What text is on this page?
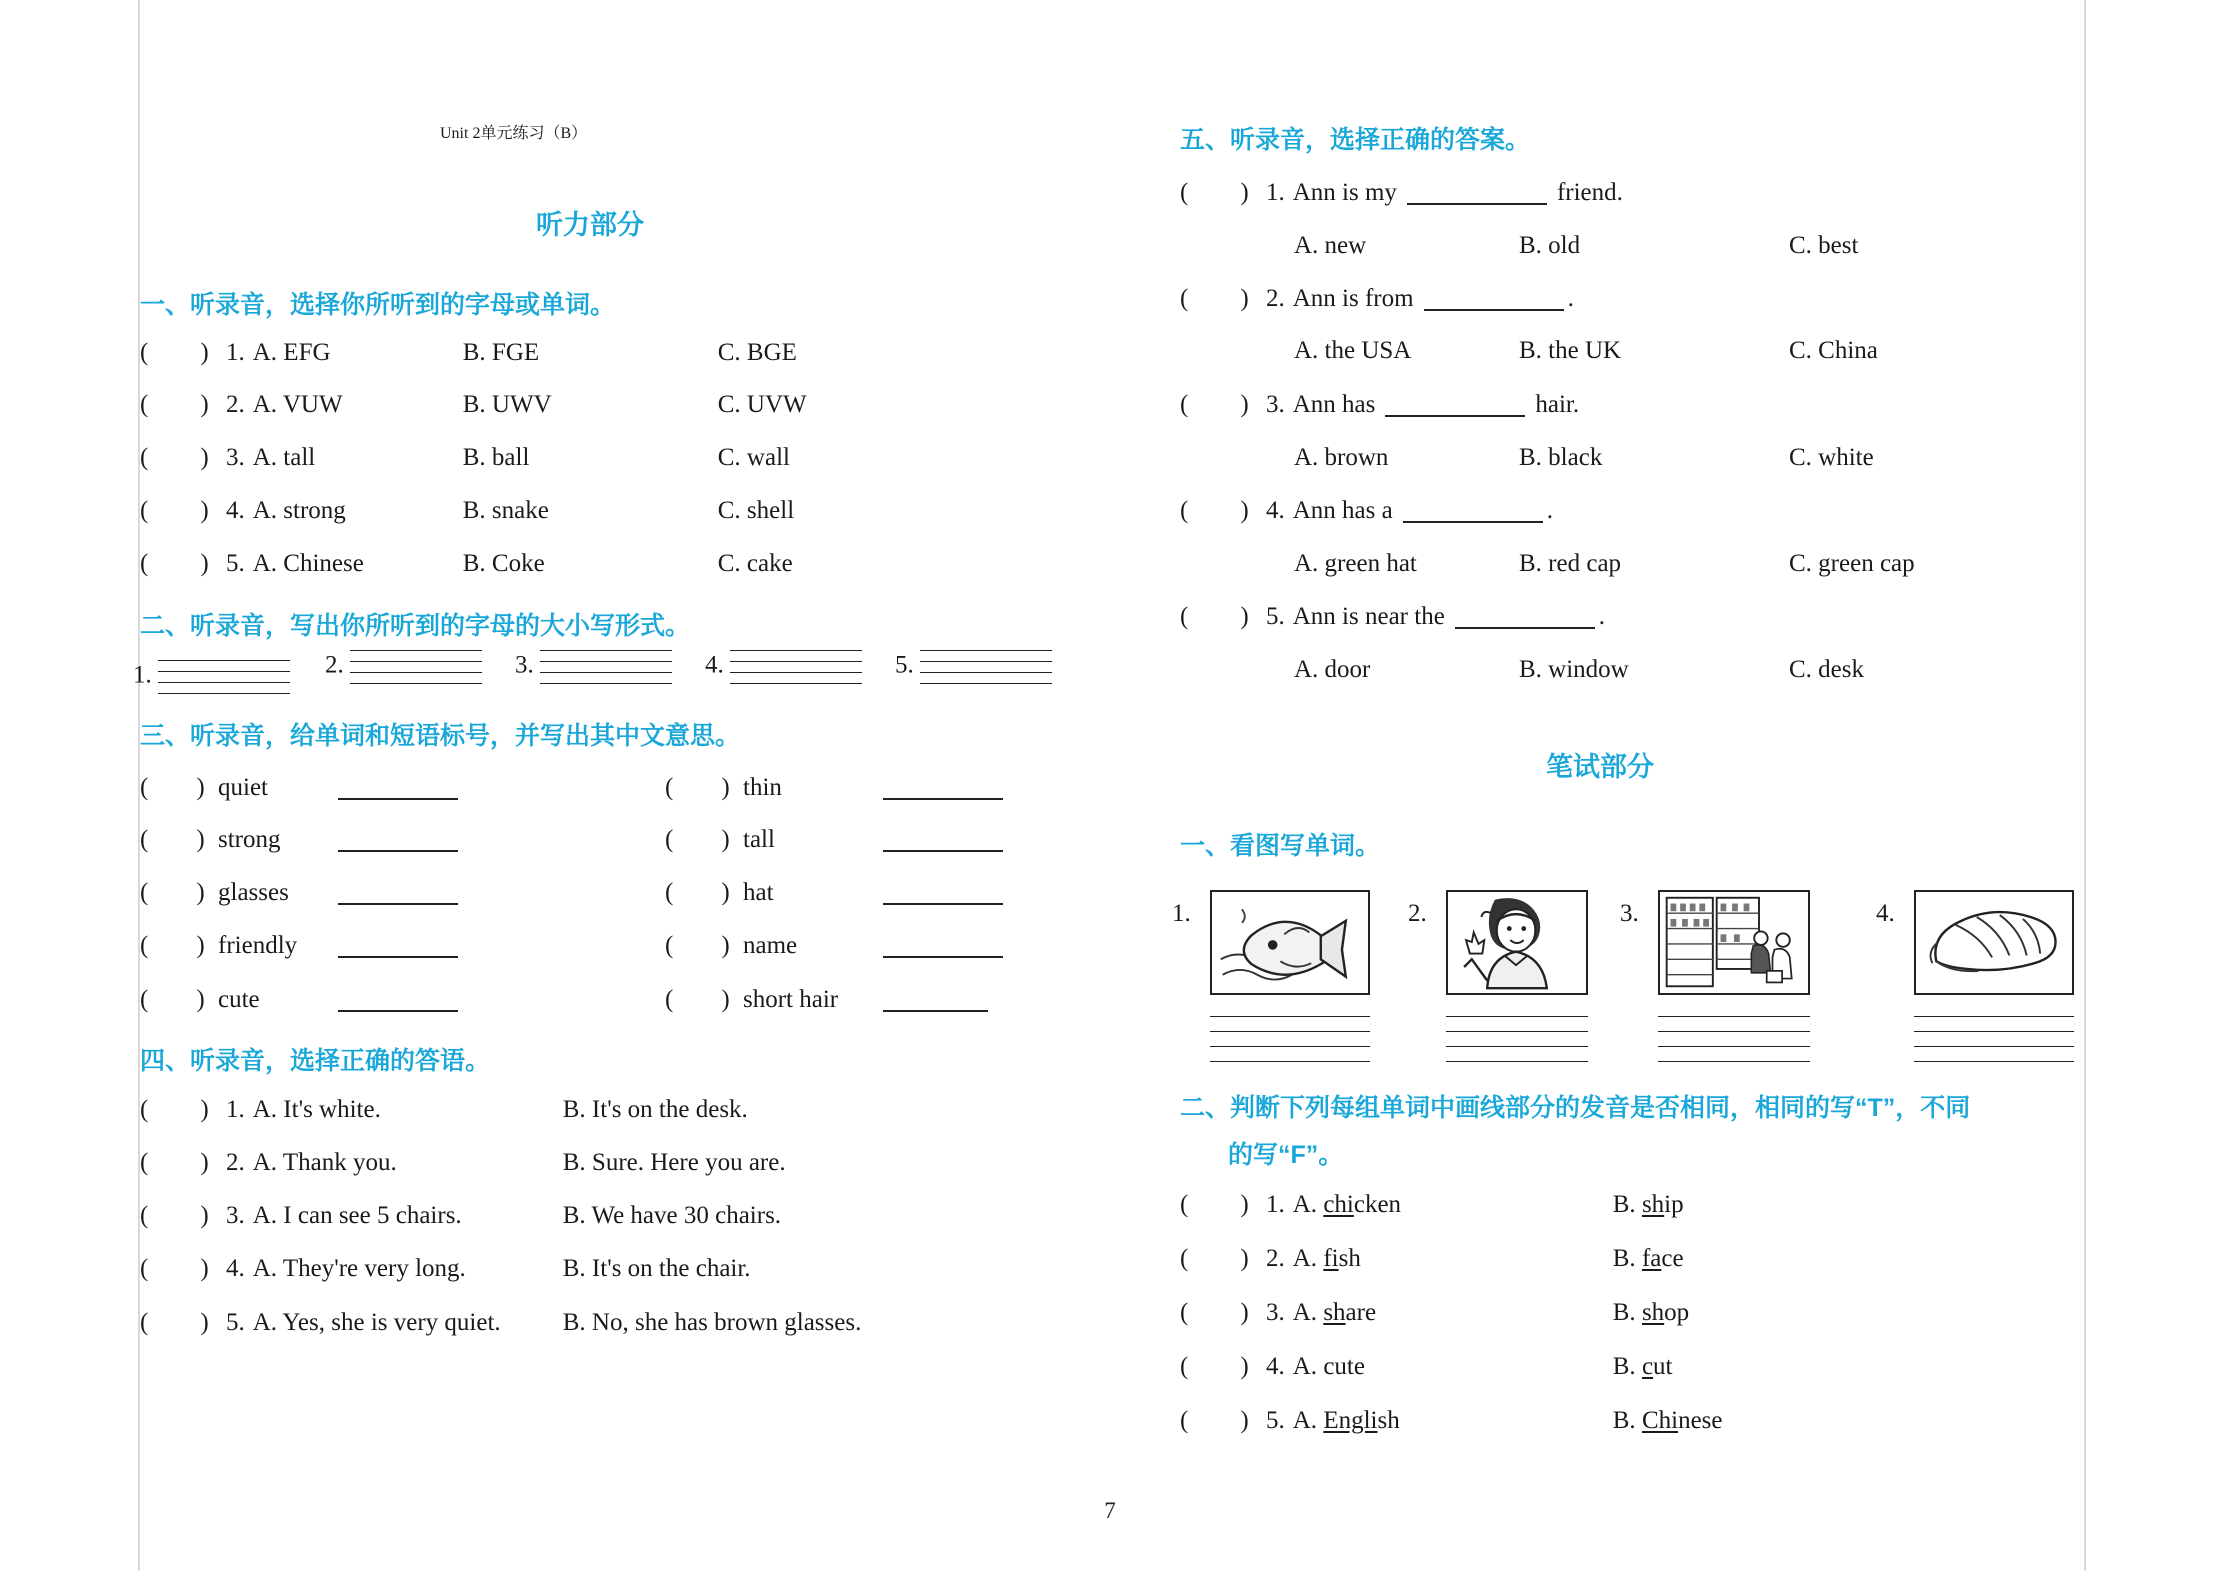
Unit 2单元练习（B）
听力部分
一、听录音，选择你所听到的字母或单词。
( ) 1. A. EFG	B. FGE	C. BGE
( ) 2. A. VUW	B. UWV	C. UVW
( ) 3. A. tall	B. ball	C. wall
( ) 4. A. strong	B. snake	C. shell
( ) 5. A. Chinese	B. Coke	C. cake
二、听录音，写出你所听到的字母的大小写形式。
1.	2.	3.	4.	5.
三、听录音，给单词和短语标号，并写出其中文意思。
( ) quiet
( ) strong
( ) glasses
( ) friendly
( ) cute
( ) thin
( ) tall
( ) hat
( ) name
( ) short hair
四、听录音，选择正确的答语。
( ) 1. A. It's white.	B. It's on the desk.
( ) 2. A. Thank you.	B. Sure. Here you are.
( ) 3. A. I can see 5 chairs.	B. We have 30 chairs.
( ) 4. A. They're very long.	B. It's on the chair.
( ) 5. A. Yes, she is very quiet. B. No, she has brown glasses.
五、听录音，选择正确的答案。
( ) 1. Ann is my	friend.
A. new	B. old	C. best
( ) 2. Ann is from	.
A. the USA	B. the UK	C. China
( ) 3. Ann has	hair.
A. brown	B. black	C. white
( ) 4. Ann has a	.
A. green hat	B. red cap	C. green cap
( ) 5. Ann is near the	.
A. door	B. window	C. desk
笔试部分
一、看图写单词。
1.	2.	3.	4.
二、判断下列每组单词中画线部分的发音是否相同，相同的写“T”，不同
的写“F”。
( ) 1. A. chicken	B. ship
( ) 2. A. fish	B. face
( ) 3. A. share	B. shop
( ) 4. A. cute	B. cut
( ) 5. A. English	B. Chinese
7
